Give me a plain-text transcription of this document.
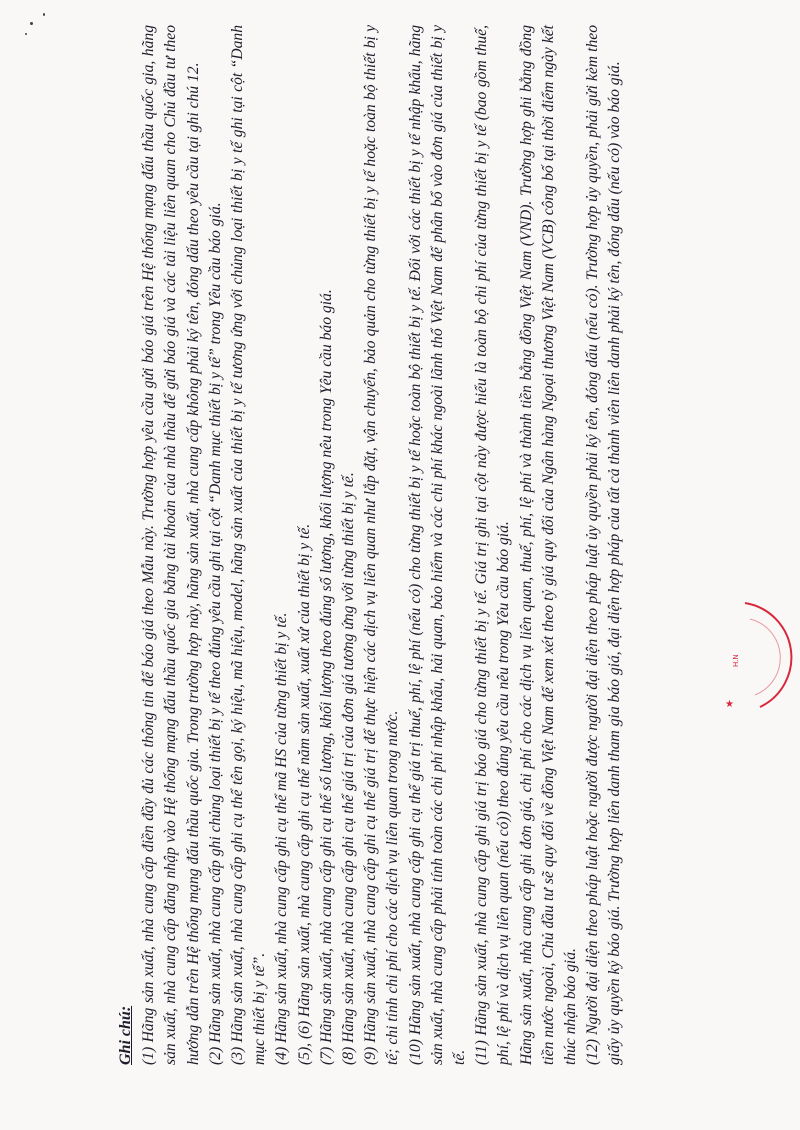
Ghi chú: (1) Hãng sản xuất, nhà cung cấp điền đầy đủ các thông tin để báo giá theo Mẫu này. Trường hợp yêu cầu gửi báo giá trên Hệ thống mạng đấu thầu quốc gia, hãng sản xuất, nhà cung cấp đăng nhập vào Hệ thống mạng đấu thầu quốc gia bằng tài khoản của nhà thầu để gửi báo giá và các tài liệu liên quan cho Chủ đầu tư theo hướng dẫn trên Hệ thống mạng đấu thầu quốc gia. Trong trường hợp này, hãng sản xuất, nhà cung cấp không phải ký tên, đóng dấu theo yêu cầu tại ghi chú 12. (2) Hãng sản xuất, nhà cung cấp ghi chủng loại thiết bị y tế theo đúng yêu cầu ghi tại cột “Danh mục thiết bị y tế” trong Yêu cầu báo giá. (3) Hãng sản xuất, nhà cung cấp ghi cụ thể tên gọi, ký hiệu, mã hiệu, model, hãng sản xuất của thiết bị y tế tương ứng với chủng loại thiết bị y tế ghi tại cột “Danh mục thiết bị y tế”. (4) Hãng sản xuất, nhà cung cấp ghi cụ thể mã HS của từng thiết bị y tế. (5), (6) Hãng sản xuất, nhà cung cấp ghi cụ thể năm sản xuất, xuất xứ của thiết bị y tế. (7) Hãng sản xuất, nhà cung cấp ghi cụ thể số lượng, khối lượng theo đúng số lượng, khối lượng nêu trong Yêu cầu báo giá. (8) Hãng sản xuất, nhà cung cấp ghi cụ thể giá trị của đơn giá tương ứng với từng thiết bị y tế. (9) Hãng sản xuất, nhà cung cấp ghi cụ thể giá trị để thực hiện các dịch vụ liên quan như lắp đặt, vận chuyển, bảo quản cho từng thiết bị y tế hoặc toàn bộ thiết bị y tế; chi tính chi phí cho các dịch vụ liên quan trong nước. (10) Hãng sản xuất, nhà cung cấp ghi cụ thể giá trị thuế, phí, lệ phí (nếu có) cho từng thiết bị y tế hoặc toàn bộ thiết bị y tế. Đối với các thiết bị y tế nhập khẩu, hãng sản xuất, nhà cung cấp phải tính toàn các chi phí nhập khẩu, hải quan, bảo hiểm và các chi phí khác ngoài lãnh thổ Việt Nam để phân bổ vào đơn giá của thiết bị y tế. (11) Hãng sản xuất, nhà cung cấp ghi giá trị báo giá cho từng thiết bị y tế. Giá trị ghi tại cột này được hiểu là toàn bộ chi phí của từng thiết bị y tế (bao gồm thuế, phí, lệ phí và dịch vụ liên quan (nếu có)) theo đúng yêu cầu nêu trong Yêu cầu báo giá. Hãng sản xuất, nhà cung cấp ghi đơn giá, chi phí cho các dịch vụ liên quan, thuế, phí, lệ phí và thành tiền bằng đồng Việt Nam (VND). Trường hợp ghi bằng đồng tiền nước ngoài, Chủ đầu tư sẽ quy đổi về đồng Việt Nam để xem xét theo tỷ giá quy đổi của Ngân hàng Ngoại thương Việt Nam (VCB) công bố tại thời điểm ngày kết thúc nhận báo giá. (12) Người đại diện theo pháp luật hoặc người được người đại diện theo pháp luật ủy quyền phải ký tên, đóng dấu (nếu có). Trường hợp ủy quyền, phải gửi kèm theo giấy ủy quyền ký báo giá. Trường hợp liên danh tham gia báo giá, đại diện hợp pháp của tất cả thành viên liên danh phải ký tên, đóng dấu (nếu có) vào báo giá.	★
H.N
